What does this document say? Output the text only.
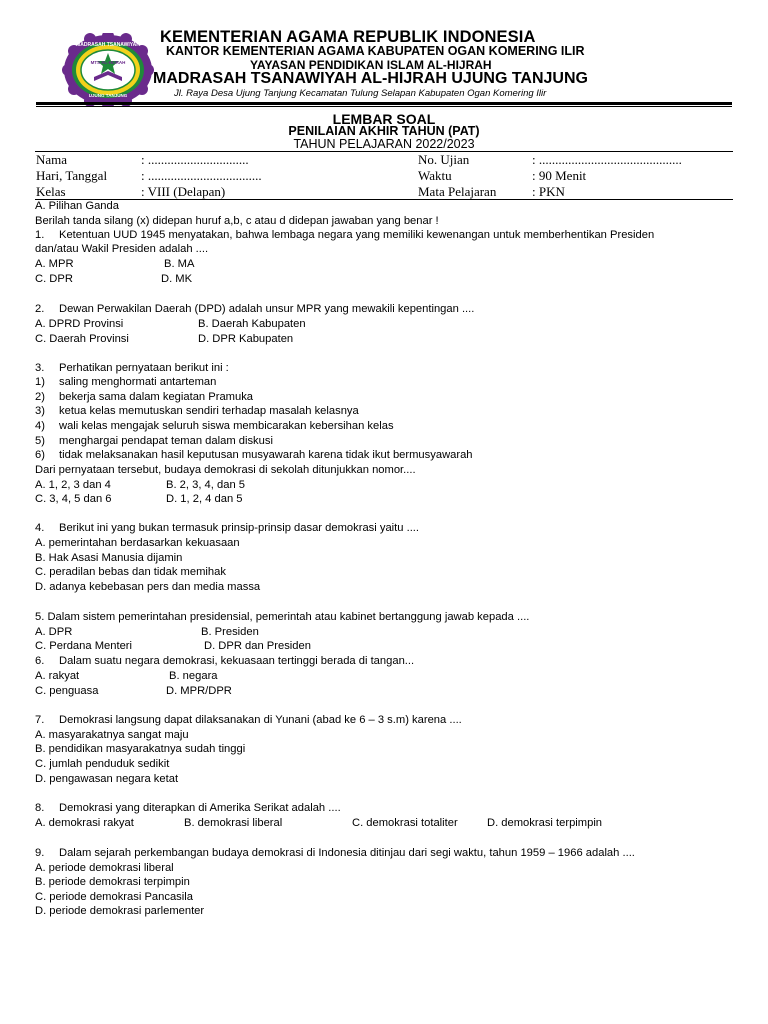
MTS AL-HIJRAH
MADRASAH TSANAWIYAH
UJUNG TANJUNG
KEMENTERIAN AGAMA REPUBLIK INDONESIA
KANTOR KEMENTERIAN AGAMA KABUPATEN OGAN KOMERING ILIR
YAYASAN PENDIDIKAN ISLAM AL-HIJRAH
MADRASAH TSANAWIYAH AL-HIJRAH UJUNG TANJUNG
Jl. Raya Desa Ujung Tanjung Kecamatan Tulung Selapan Kabupaten Ogan Komering Ilir
LEMBAR SOAL
PENILAIAN AKHIR TAHUN (PAT)
TAHUN PELAJARAN 2022/2023
Nama	: ...............................	No. Ujian	: ............................................
Hari, Tanggal	: ...................................	Waktu	: 90 Menit
Kelas	: VIII (Delapan)	Mata Pelajaran	: PKN
A. Pilihan Ganda
Berilah tanda silang (x) didepan huruf a,b, c atau d didepan jawaban yang benar !
1. Ketentuan UUD 1945 menyatakan, bahwa lembaga negara yang memiliki kewenangan untuk memberhentikan Presiden
dan/atau Wakil Presiden adalah ....
A. MPR	B. MA
C. DPR	D. MK
2. Dewan Perwakilan Daerah (DPD) adalah unsur MPR yang mewakili kepentingan ....
A. DPRD Provinsi	B. Daerah Kabupaten
C. Daerah Provinsi	D. DPR Kabupaten
3. Perhatikan pernyataan berikut ini :
1) saling menghormati antarteman
2) bekerja sama dalam kegiatan Pramuka
3) ketua kelas memutuskan sendiri terhadap masalah kelasnya
4) wali kelas mengajak seluruh siswa membicarakan kebersihan kelas
5) menghargai pendapat teman dalam diskusi
6) tidak melaksanakan hasil keputusan musyawarah karena tidak ikut bermusyawarah
Dari pernyataan tersebut, budaya demokrasi di sekolah ditunjukkan nomor....
A. 1, 2, 3 dan 4	B. 2, 3, 4, dan 5
C. 3, 4, 5 dan 6	D. 1, 2, 4 dan 5
4. Berikut ini yang bukan termasuk prinsip-prinsip dasar demokrasi yaitu ....
A. pemerintahan berdasarkan kekuasaan
B. Hak Asasi Manusia dijamin
C. peradilan bebas dan tidak memihak
D. adanya kebebasan pers dan media massa
5. Dalam sistem pemerintahan presidensial, pemerintah atau kabinet bertanggung jawab kepada ....
A. DPR	B. Presiden
C. Perdana Menteri	D. DPR dan Presiden
6. Dalam suatu negara demokrasi, kekuasaan tertinggi berada di tangan...
A. rakyat	B. negara
C. penguasa	D. MPR/DPR
7. Demokrasi langsung dapat dilaksanakan di Yunani (abad ke 6 – 3 s.m) karena ....
A. masyarakatnya sangat maju
B. pendidikan masyarakatnya sudah tinggi
C. jumlah penduduk sedikit
D. pengawasan negara ketat
8. Demokrasi yang diterapkan di Amerika Serikat adalah ....
A. demokrasi rakyat	B. demokrasi liberal	C. demokrasi totaliter	D. demokrasi terpimpin
9. Dalam sejarah perkembangan budaya demokrasi di Indonesia ditinjau dari segi waktu, tahun 1959 – 1966 adalah ....
A. periode demokrasi liberal
B. periode demokrasi terpimpin
C. periode demokrasi Pancasila
D. periode demokrasi parlementer
